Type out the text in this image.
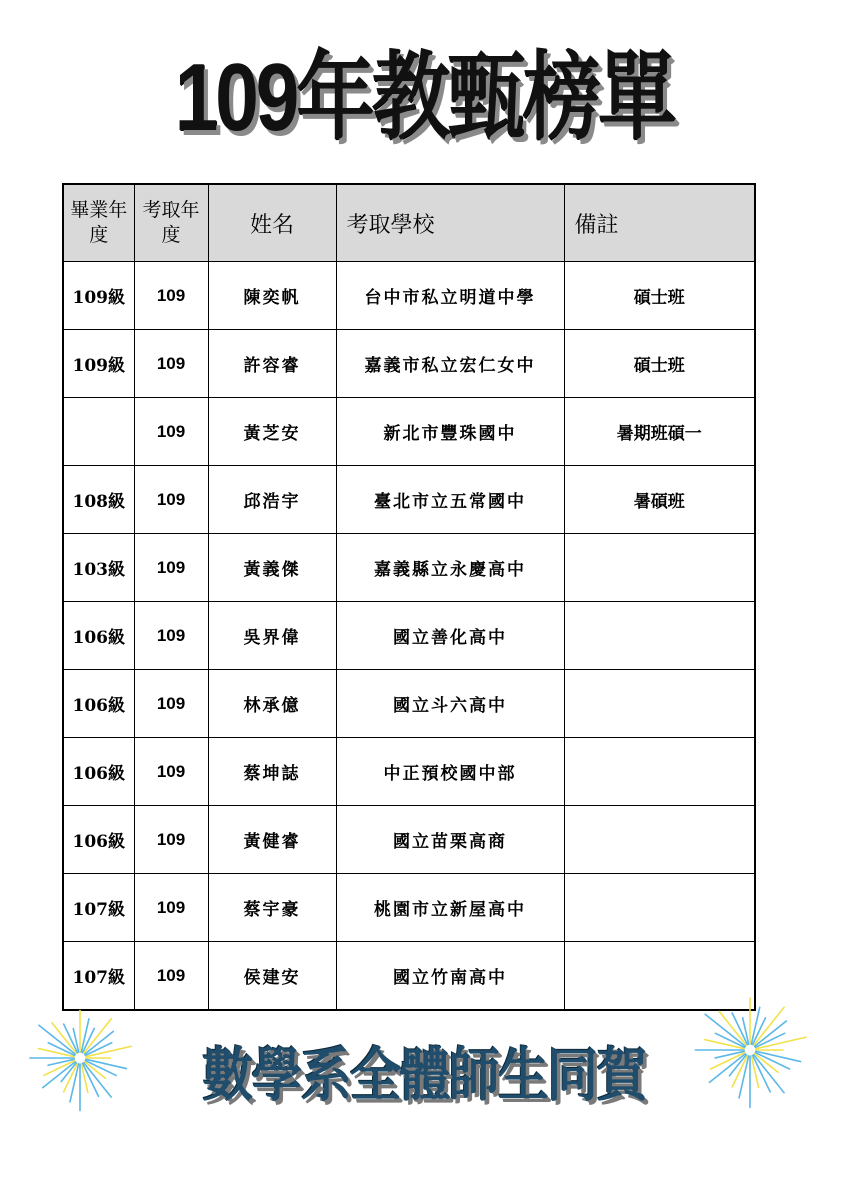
109年教甄榜單
畢業年度	考取年度	姓名	考取學校	備註
109級	109	陳奕帆	台中市私立明道中學	碩士班
109級	109	許容睿	嘉義市私立宏仁女中	碩士班
	109	黃芝安	新北市豐珠國中	暑期班碩一
108級	109	邱浩宇	臺北市立五常國中	暑碩班
103級	109	黃義傑	嘉義縣立永慶高中	
106級	109	吳界偉	國立善化高中	
106級	109	林承億	國立斗六高中	
106級	109	蔡坤誌	中正預校國中部	
106級	109	黃健睿	國立苗栗高商	
107級	109	蔡宇豪	桃園市立新屋高中	
107級	109	侯建安	國立竹南高中	
數學系全體師生同賀
